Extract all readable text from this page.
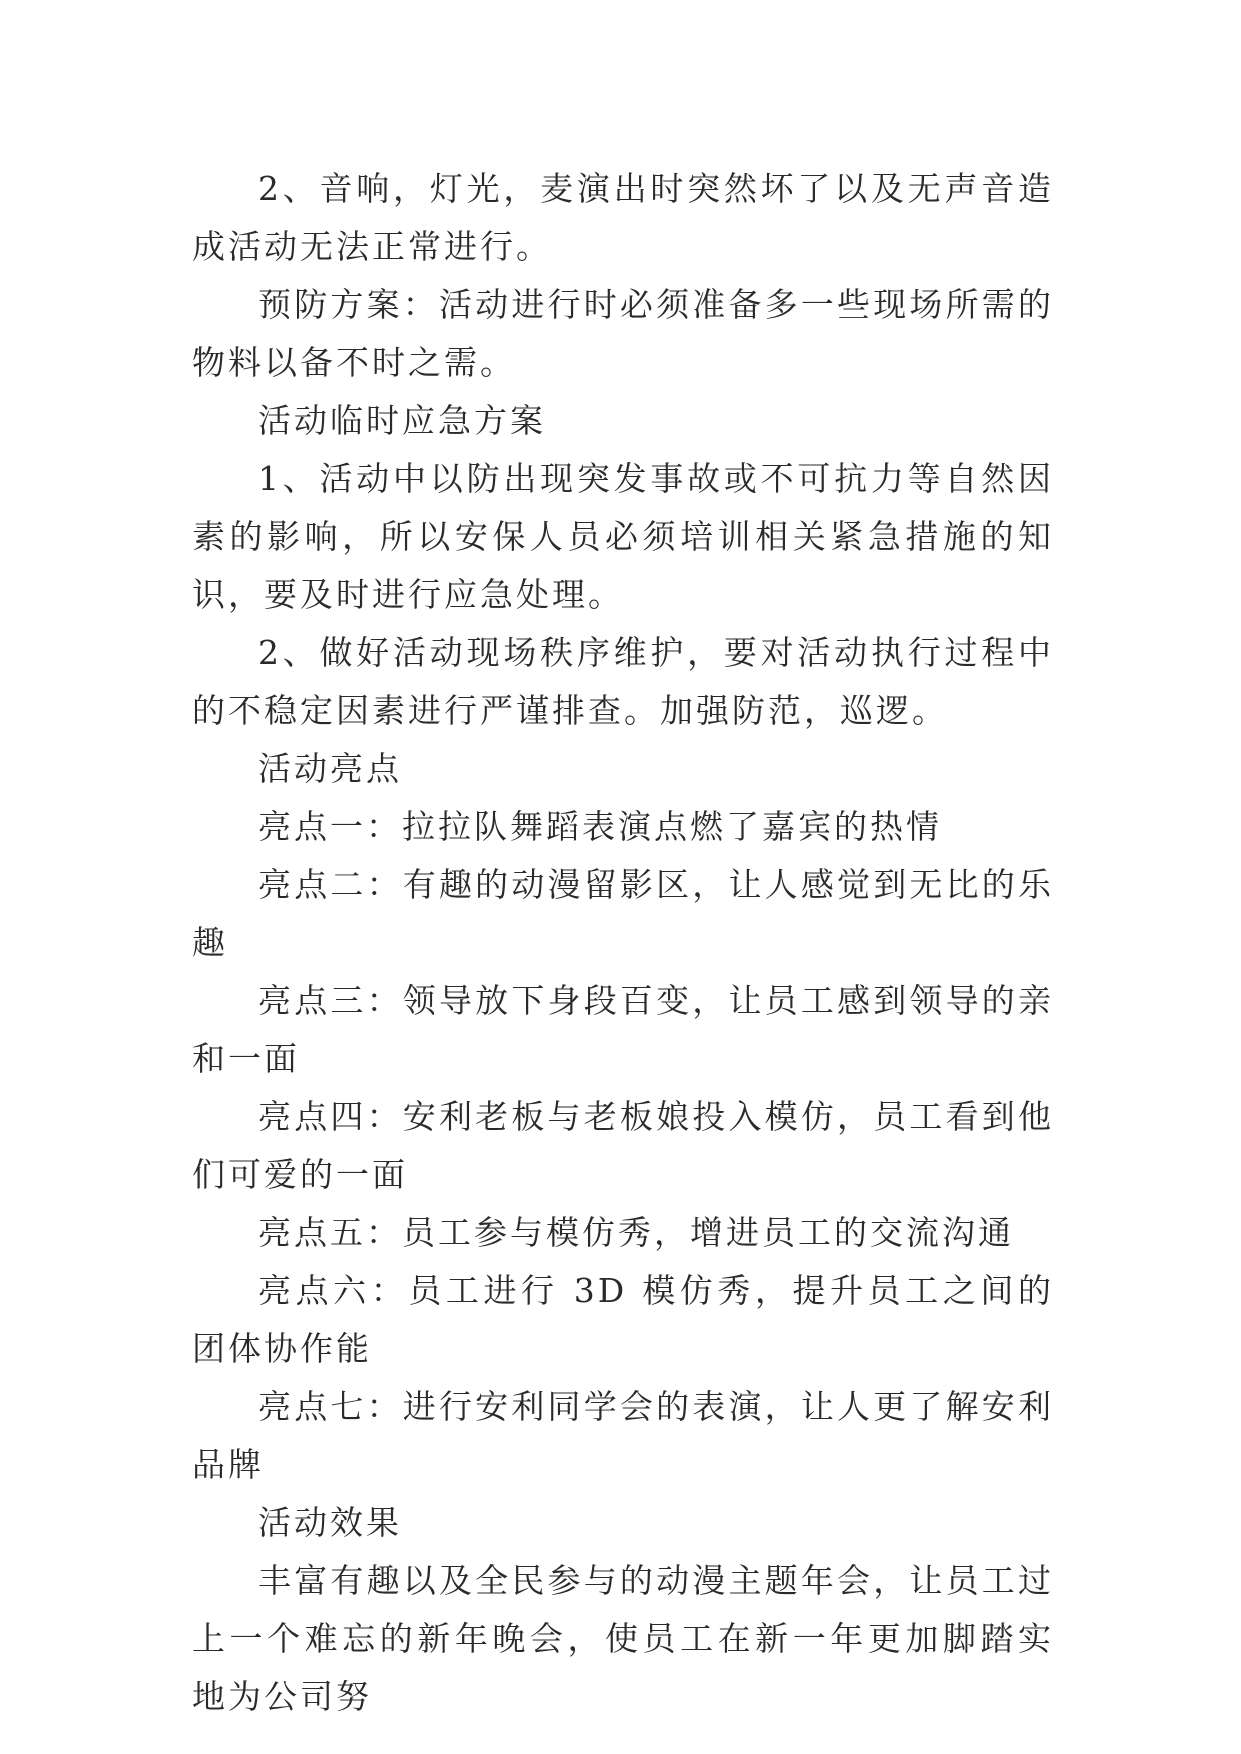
2、音响，灯光，麦演出时突然坏了以及无声音造成活动无法正常进行。

预防方案：活动进行时必须准备多一些现场所需的物料以备不时之需。

活动临时应急方案

1、活动中以防出现突发事故或不可抗力等自然因素的影响，所以安保人员必须培训相关紧急措施的知识，要及时进行应急处理。

2、做好活动现场秩序维护，要对活动执行过程中的不稳定因素进行严谨排查。加强防范，巡逻。

活动亮点

亮点一：拉拉队舞蹈表演点燃了嘉宾的热情

亮点二：有趣的动漫留影区，让人感觉到无比的乐趣

亮点三：领导放下身段百变，让员工感到领导的亲和一面

亮点四：安利老板与老板娘投入模仿，员工看到他们可爱的一面

亮点五：员工参与模仿秀，增进员工的交流沟通

亮点六：员工进行 3D 模仿秀，提升员工之间的团体协作能

亮点七：进行安利同学会的表演，让人更了解安利品牌

活动效果

丰富有趣以及全民参与的动漫主题年会，让员工过上一个难忘的新年晚会，使员工在新一年更加脚踏实地为公司努
